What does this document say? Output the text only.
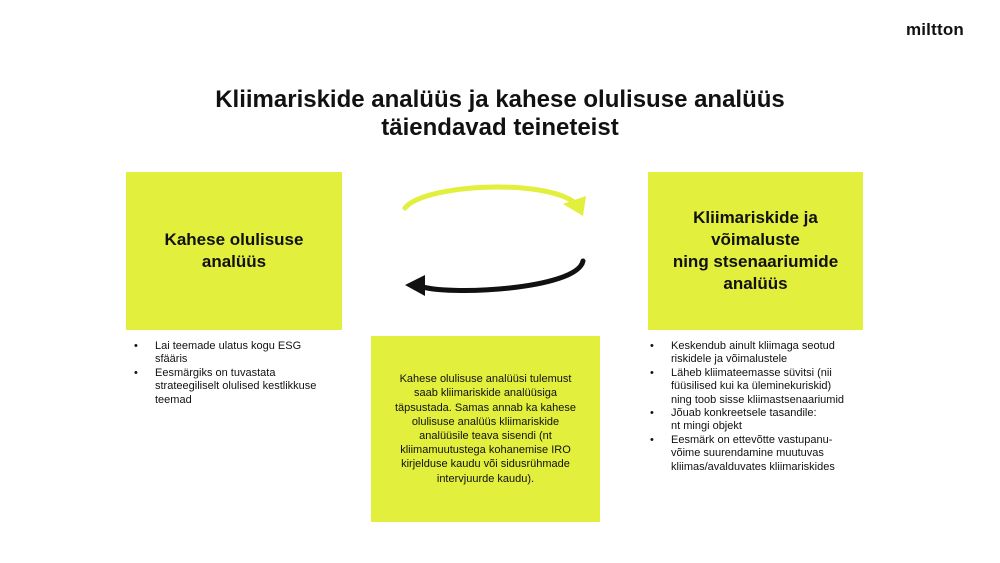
miltton
Kliimariskide analüüs ja kahese olulisuse analüüs
täiendavad teineteist
Kahese olulisuse
analüüs
Kliimariskide ja
võimaluste
ning stsenaariumide
analüüs
• Lai teemade ulatus kogu ESG
sfääris
• Eesmärgiks on tuvastata
strateegiliselt olulised kestlikkuse
teemad
Kahese olulisuse analüüsi tulemust
saab kliimariskide analüüsiga
täpsustada. Samas annab ka kahese
olulisuse analüüs kliimariskide
analüüsile teava sisendi (nt
kliimamuutustega kohanemise IRO
kirjelduse kaudu või sidusrühmade
intervjuurde kaudu).
• Keskendub ainult kliimaga seotud
riskidele ja võimalustele
• Läheb kliimateemasse süvitsi (nii
füüsilised kui ka üleminekuriskid)
ning toob sisse kliimastsenaariumid
• Jõuab konkreetsele tasandile:
nt mingi objekt
• Eesmärk on ettevõtte vastupanu-
võime suurendamine muutuvas
kliimas/avalduvates kliimariskides
